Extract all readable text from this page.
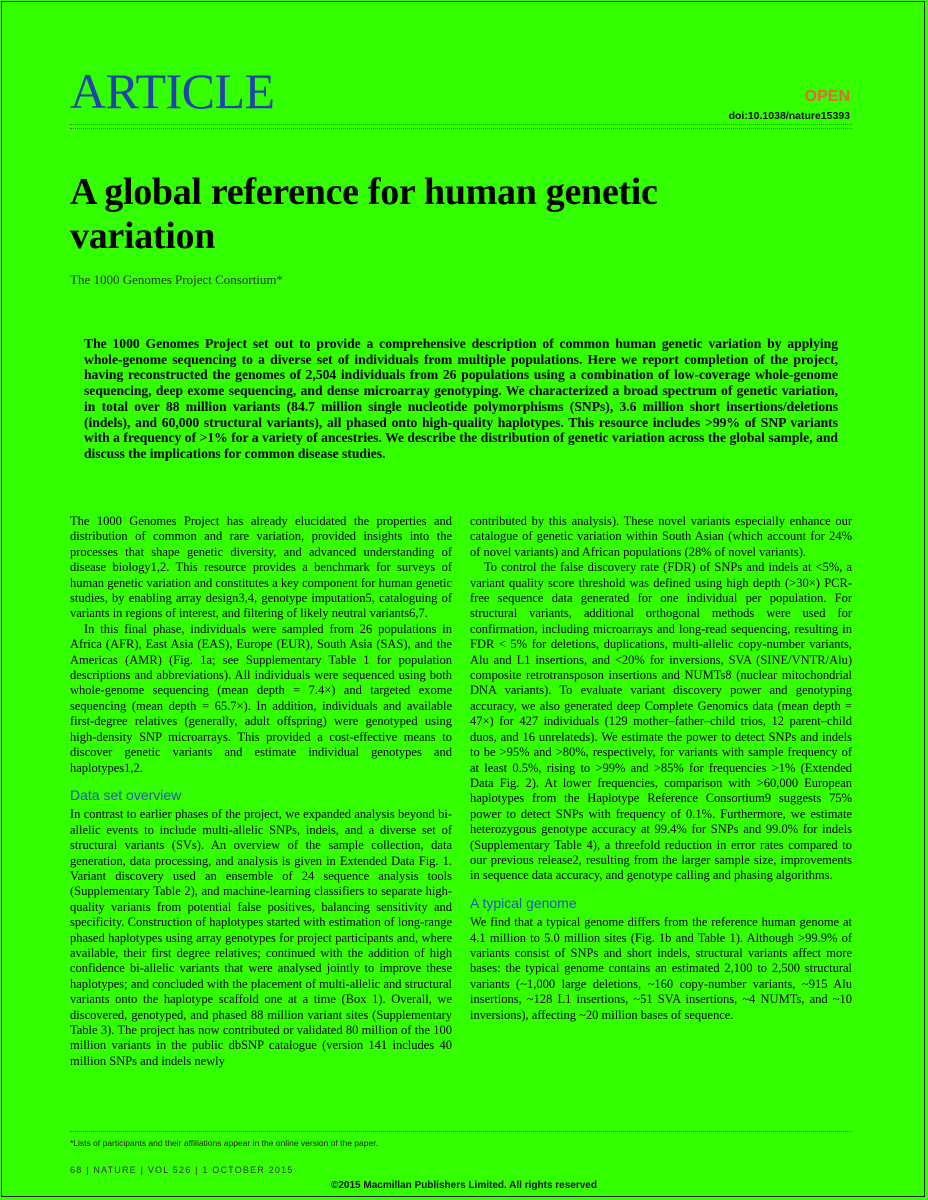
ARTICLE	OPEN
doi:10.1038/nature15393
A global reference for human genetic variation
The 1000 Genomes Project Consortium*

The 1000 Genomes Project set out to provide a comprehensive description of common human genetic variation by applying whole-genome sequencing to a diverse set of individuals from multiple populations. Here we report completion of the project, having reconstructed the genomes of 2,504 individuals from 26 populations using a combination of low-coverage whole-genome sequencing, deep exome sequencing, and dense microarray genotyping. We characterized a broad spectrum of genetic variation, in total over 88 million variants (84.7 million single nucleotide polymorphisms (SNPs), 3.6 million short insertions/deletions (indels), and 60,000 structural variants), all phased onto high-quality haplotypes. This resource includes >99% of SNP variants with a frequency of >1% for a variety of ancestries. We describe the distribution of genetic variation across the global sample, and discuss the implications for common disease studies.

The 1000 Genomes Project has already elucidated the properties and distribution of common and rare variation, provided insights into the processes that shape genetic diversity, and advanced understanding of disease biology1,2. This resource provides a benchmark for surveys of human genetic variation and constitutes a key component for human genetic studies, by enabling array design3,4, genotype imputation5, cataloguing of variants in regions of interest, and filtering of likely neutral variants6,7.

In this final phase, individuals were sampled from 26 populations in Africa (AFR), East Asia (EAS), Europe (EUR), South Asia (SAS), and the Americas (AMR) (Fig. 1a; see Supplementary Table 1 for population descriptions and abbreviations). All individuals were sequenced using both whole-genome sequencing (mean depth = 7.4×) and targeted exome sequencing (mean depth = 65.7×). In addition, individuals and available first-degree relatives (generally, adult offspring) were genotyped using high-density SNP microarrays. This provided a cost-effective means to discover genetic variants and estimate individual genotypes and haplotypes1,2.

Data set overview

In contrast to earlier phases of the project, we expanded analysis beyond bi-allelic events to include multi-allelic SNPs, indels, and a diverse set of structural variants (SVs). An overview of the sample collection, data generation, data processing, and analysis is given in Extended Data Fig. 1. Variant discovery used an ensemble of 24 sequence analysis tools (Supplementary Table 2), and machine-learning classifiers to separate high-quality variants from potential false positives, balancing sensitivity and specificity. Construction of haplotypes started with estimation of long-range phased haplotypes using array genotypes for project participants and, where available, their first degree relatives; continued with the addition of high confidence bi-allelic variants that were analysed jointly to improve these haplotypes; and concluded with the placement of multi-allelic and structural variants onto the haplotype scaffold one at a time (Box 1). Overall, we discovered, genotyped, and phased 88 million variant sites (Supplementary Table 3). The project has now contributed or validated 80 million of the 100 million variants in the public dbSNP catalogue (version 141 includes 40 million SNPs and indels newly

contributed by this analysis). These novel variants especially enhance our catalogue of genetic variation within South Asian (which account for 24% of novel variants) and African populations (28% of novel variants).

To control the false discovery rate (FDR) of SNPs and indels at <5%, a variant quality score threshold was defined using high depth (>30×) PCR-free sequence data generated for one individual per population. For structural variants, additional orthogonal methods were used for confirmation, including microarrays and long-read sequencing, resulting in FDR < 5% for deletions, duplications, multi-allelic copy-number variants, Alu and L1 insertions, and <20% for inversions, SVA (SINE/VNTR/Alu) composite retrotransposon insertions and NUMTs8 (nuclear mitochondrial DNA variants). To evaluate variant discovery power and genotyping accuracy, we also generated deep Complete Genomics data (mean depth = 47×) for 427 individuals (129 mother–father–child trios, 12 parent–child duos, and 16 unrelateds). We estimate the power to detect SNPs and indels to be >95% and >80%, respectively, for variants with sample frequency of at least 0.5%, rising to >99% and >85% for frequencies >1% (Extended Data Fig. 2). At lower frequencies, comparison with >60,000 European haplotypes from the Haplotype Reference Consortium9 suggests 75% power to detect SNPs with frequency of 0.1%. Furthermore, we estimate heterozygous genotype accuracy at 99.4% for SNPs and 99.0% for indels (Supplementary Table 4), a threefold reduction in error rates compared to our previous release2, resulting from the larger sample size, improvements in sequence data accuracy, and genotype calling and phasing algorithms.

A typical genome

We find that a typical genome differs from the reference human genome at 4.1 million to 5.0 million sites (Fig. 1b and Table 1). Although >99.9% of variants consist of SNPs and short indels, structural variants affect more bases: the typical genome contains an estimated 2,100 to 2,500 structural variants (~1,000 large deletions, ~160 copy-number variants, ~915 Alu insertions, ~128 L1 insertions, ~51 SVA insertions, ~4 NUMTs, and ~10 inversions), affecting ~20 million bases of sequence.

*Lists of participants and their affiliations appear in the online version of the paper.
68 | NATURE | VOL 526 | 1 OCTOBER 2015
©2015 Macmillan Publishers Limited. All rights reserved
